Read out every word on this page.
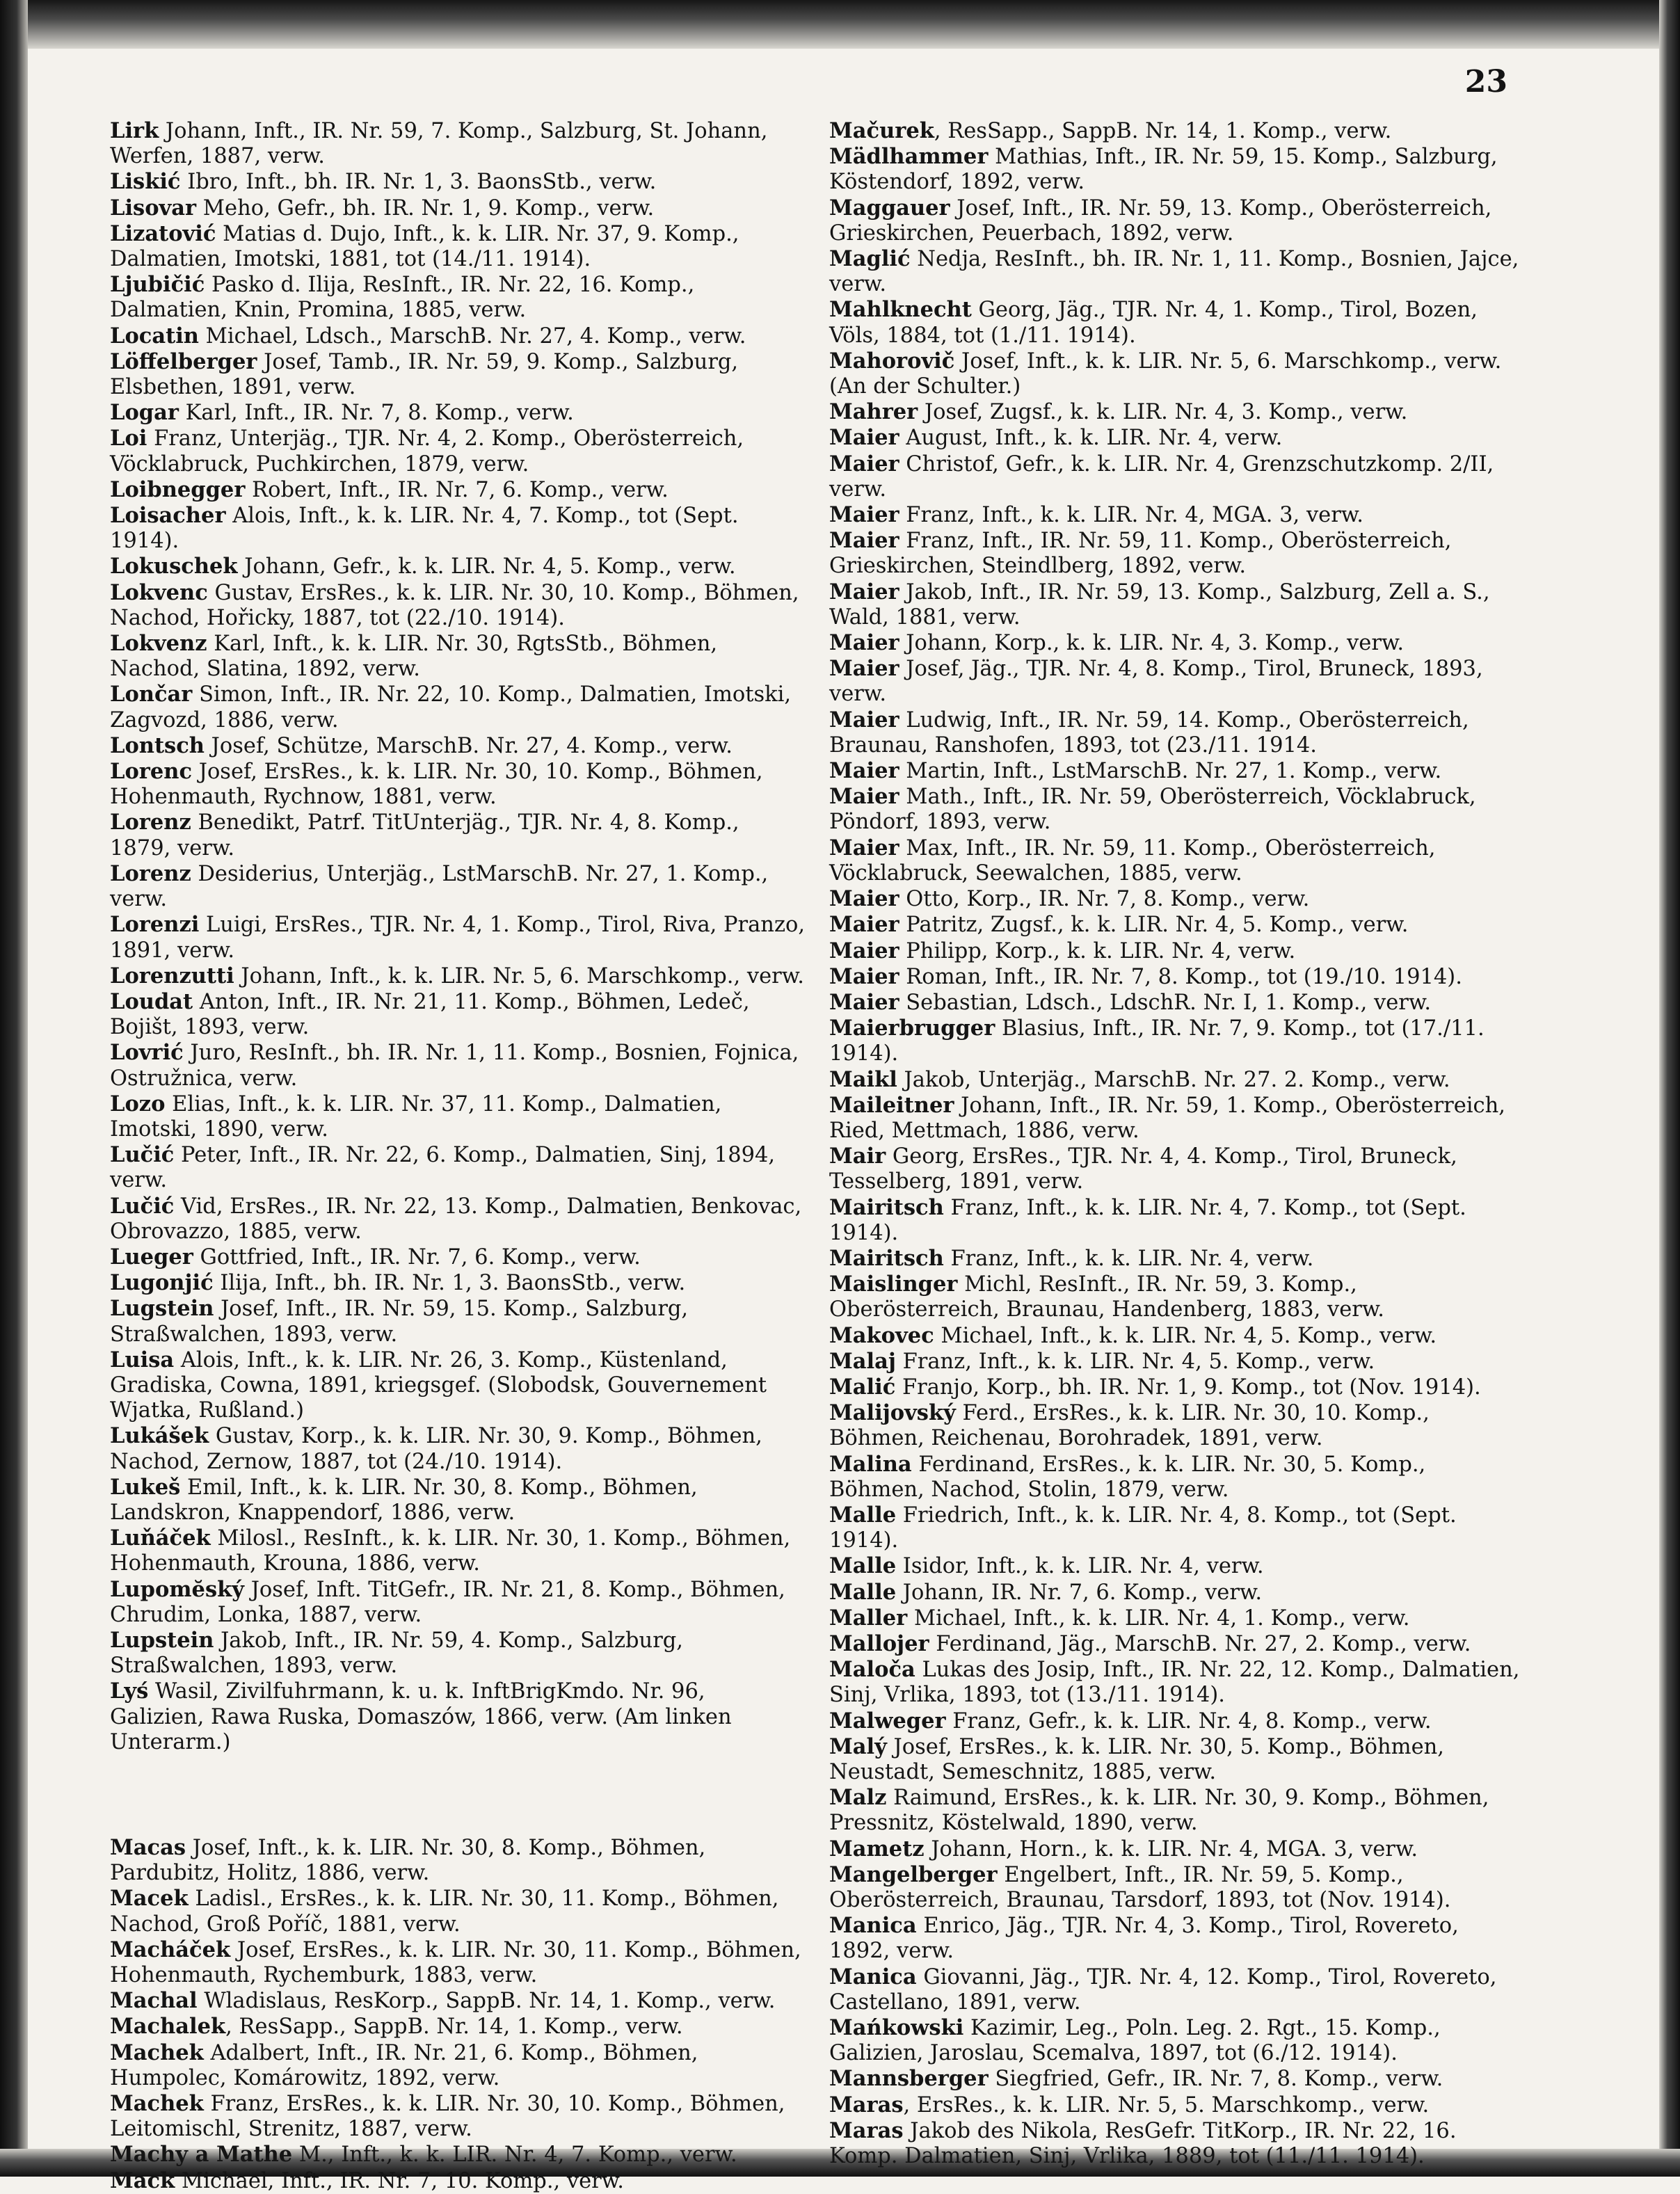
23

Lirk Johann, Inft., IR. Nr. 59, 7. Komp., Salzburg, St. Johann, Werfen, 1887, verw.

Liskić Ibro, Inft., bh. IR. Nr. 1, 3. BaonsStb., verw.

Lisovar Meho, Gefr., bh. IR. Nr. 1, 9. Komp., verw.

Lizatović Matias d. Dujo, Inft., k. k. LIR. Nr. 37, 9. Komp., Dalmatien, Imotski, 1881, tot (14./11. 1914).

Ljubičić Pasko d. Ilija, ResInft., IR. Nr. 22, 16. Komp., Dalmatien, Knin, Promina, 1885, verw.

Locatin Michael, Ldsch., MarschB. Nr. 27, 4. Komp., verw.

Löffelberger Josef, Tamb., IR. Nr. 59, 9. Komp., Salzburg, Elsbethen, 1891, verw.

Logar Karl, Inft., IR. Nr. 7, 8. Komp., verw.

Loi Franz, Unterjäg., TJR. Nr. 4, 2. Komp., Oberösterreich, Vöcklabruck, Puchkirchen, 1879, verw.

Loibnegger Robert, Inft., IR. Nr. 7, 6. Komp., verw.

Loisacher Alois, Inft., k. k. LIR. Nr. 4, 7. Komp., tot (Sept. 1914).

Lokuschek Johann, Gefr., k. k. LIR. Nr. 4, 5. Komp., verw.

Lokvenc Gustav, ErsRes., k. k. LIR. Nr. 30, 10. Komp., Böhmen, Nachod, Hořicky, 1887, tot (22./10. 1914).

Lokvenz Karl, Inft., k. k. LIR. Nr. 30, RgtsStb., Böhmen, Nachod, Slatina, 1892, verw.

Lončar Simon, Inft., IR. Nr. 22, 10. Komp., Dalmatien, Imotski, Zagvozd, 1886, verw.

Lontsch Josef, Schütze, MarschB. Nr. 27, 4. Komp., verw.

Lorenc Josef, ErsRes., k. k. LIR. Nr. 30, 10. Komp., Böhmen, Hohenmauth, Rychnow, 1881, verw.

Lorenz Benedikt, Patrf. TitUnterjäg., TJR. Nr. 4, 8. Komp., 1879, verw.

Lorenz Desiderius, Unterjäg., LstMarschB. Nr. 27, 1. Komp., verw.

Lorenzi Luigi, ErsRes., TJR. Nr. 4, 1. Komp., Tirol, Riva, Pranzo, 1891, verw.

Lorenzutti Johann, Inft., k. k. LIR. Nr. 5, 6. Marschkomp., verw.

Loudat Anton, Inft., IR. Nr. 21, 11. Komp., Böhmen, Ledeč, Bojišt, 1893, verw.

Lovrić Juro, ResInft., bh. IR. Nr. 1, 11. Komp., Bosnien, Fojnica, Ostružnica, verw.

Lozo Elias, Inft., k. k. LIR. Nr. 37, 11. Komp., Dalmatien, Imotski, 1890, verw.

Lučić Peter, Inft., IR. Nr. 22, 6. Komp., Dalmatien, Sinj, 1894, verw.

Lučić Vid, ErsRes., IR. Nr. 22, 13. Komp., Dalmatien, Benkovac, Obrovazzo, 1885, verw.

Lueger Gottfried, Inft., IR. Nr. 7, 6. Komp., verw.

Lugonjić Ilija, Inft., bh. IR. Nr. 1, 3. BaonsStb., verw.

Lugstein Josef, Inft., IR. Nr. 59, 15. Komp., Salzburg, Straßwalchen, 1893, verw.

Luisa Alois, Inft., k. k. LIR. Nr. 26, 3. Komp., Küstenland, Gradiska, Cowna, 1891, kriegsgef. (Slobodsk, Gouvernement Wjatka, Rußland.)

Lukášek Gustav, Korp., k. k. LIR. Nr. 30, 9. Komp., Böhmen, Nachod, Zernow, 1887, tot (24./10. 1914).

Lukeš Emil, Inft., k. k. LIR. Nr. 30, 8. Komp., Böhmen, Landskron, Knappendorf, 1886, verw.

Luňáček Milosl., ResInft., k. k. LIR. Nr. 30, 1. Komp., Böhmen, Hohenmauth, Krouna, 1886, verw.

Lupomĕský Josef, Inft. TitGefr., IR. Nr. 21, 8. Komp., Böhmen, Chrudim, Lonka, 1887, verw.

Lupstein Jakob, Inft., IR. Nr. 59, 4. Komp., Salzburg, Straßwalchen, 1893, verw.

Lyś Wasil, Zivilfuhrmann, k. u. k. InftBrigKmdo. Nr. 96, Galizien, Rawa Ruska, Domaszów, 1866, verw. (Am linken Unterarm.)

Macas Josef, Inft., k. k. LIR. Nr. 30, 8. Komp., Böhmen, Pardubitz, Holitz, 1886, verw.

Macek Ladisl., ErsRes., k. k. LIR. Nr. 30, 11. Komp., Böhmen, Nachod, Groß Poříč, 1881, verw.

Macháček Josef, ErsRes., k. k. LIR. Nr. 30, 11. Komp., Böhmen, Hohenmauth, Rychemburk, 1883, verw.

Machal Wladislaus, ResKorp., SappB. Nr. 14, 1. Komp., verw.

Machalek, ResSapp., SappB. Nr. 14, 1. Komp., verw.

Machek Adalbert, Inft., IR. Nr. 21, 6. Komp., Böhmen, Humpolec, Komárowitz, 1892, verw.

Machek Franz, ErsRes., k. k. LIR. Nr. 30, 10. Komp., Böhmen, Leitomischl, Strenitz, 1887, verw.

Machy a Mathe M., Inft., k. k. LIR. Nr. 4, 7. Komp., verw.

Mack Michael, Inft., IR. Nr. 7, 10. Komp., verw.

Mačurek, ResSapp., SappB. Nr. 14, 1. Komp., verw.

Mädlhammer Mathias, Inft., IR. Nr. 59, 15. Komp., Salzburg, Köstendorf, 1892, verw.

Maggauer Josef, Inft., IR. Nr. 59, 13. Komp., Oberösterreich, Grieskirchen, Peuerbach, 1892, verw.

Maglić Nedja, ResInft., bh. IR. Nr. 1, 11. Komp., Bosnien, Jajce, verw.

Mahlknecht Georg, Jäg., TJR. Nr. 4, 1. Komp., Tirol, Bozen, Völs, 1884, tot (1./11. 1914).

Mahorovič Josef, Inft., k. k. LIR. Nr. 5, 6. Marschkomp., verw. (An der Schulter.)

Mahrer Josef, Zugsf., k. k. LIR. Nr. 4, 3. Komp., verw.

Maier August, Inft., k. k. LIR. Nr. 4, verw.

Maier Christof, Gefr., k. k. LIR. Nr. 4, Grenzschutzkomp. 2/II, verw.

Maier Franz, Inft., k. k. LIR. Nr. 4, MGA. 3, verw.

Maier Franz, Inft., IR. Nr. 59, 11. Komp., Oberösterreich, Grieskirchen, Steindlberg, 1892, verw.

Maier Jakob, Inft., IR. Nr. 59, 13. Komp., Salzburg, Zell a. S., Wald, 1881, verw.

Maier Johann, Korp., k. k. LIR. Nr. 4, 3. Komp., verw.

Maier Josef, Jäg., TJR. Nr. 4, 8. Komp., Tirol, Bruneck, 1893, verw.

Maier Ludwig, Inft., IR. Nr. 59, 14. Komp., Oberösterreich, Braunau, Ranshofen, 1893, tot (23./11. 1914.

Maier Martin, Inft., LstMarschB. Nr. 27, 1. Komp., verw.

Maier Math., Inft., IR. Nr. 59, Oberösterreich, Vöcklabruck, Pöndorf, 1893, verw.

Maier Max, Inft., IR. Nr. 59, 11. Komp., Oberösterreich, Vöcklabruck, Seewalchen, 1885, verw.

Maier Otto, Korp., IR. Nr. 7, 8. Komp., verw.

Maier Patritz, Zugsf., k. k. LIR. Nr. 4, 5. Komp., verw.

Maier Philipp, Korp., k. k. LIR. Nr. 4, verw.

Maier Roman, Inft., IR. Nr. 7, 8. Komp., tot (19./10. 1914).

Maier Sebastian, Ldsch., LdschR. Nr. I, 1. Komp., verw.

Maierbrugger Blasius, Inft., IR. Nr. 7, 9. Komp., tot (17./11. 1914).

Maikl Jakob, Unterjäg., MarschB. Nr. 27. 2. Komp., verw.

Maileitner Johann, Inft., IR. Nr. 59, 1. Komp., Oberösterreich, Ried, Mettmach, 1886, verw.

Mair Georg, ErsRes., TJR. Nr. 4, 4. Komp., Tirol, Bruneck, Tesselberg, 1891, verw.

Mairitsch Franz, Inft., k. k. LIR. Nr. 4, 7. Komp., tot (Sept. 1914).

Mairitsch Franz, Inft., k. k. LIR. Nr. 4, verw.

Maislinger Michl, ResInft., IR. Nr. 59, 3. Komp., Oberösterreich, Braunau, Handenberg, 1883, verw.

Makovec Michael, Inft., k. k. LIR. Nr. 4, 5. Komp., verw.

Malaj Franz, Inft., k. k. LIR. Nr. 4, 5. Komp., verw.

Malić Franjo, Korp., bh. IR. Nr. 1, 9. Komp., tot (Nov. 1914).

Malijovský Ferd., ErsRes., k. k. LIR. Nr. 30, 10. Komp., Böhmen, Reichenau, Borohradek, 1891, verw.

Malina Ferdinand, ErsRes., k. k. LIR. Nr. 30, 5. Komp., Böhmen, Nachod, Stolin, 1879, verw.

Malle Friedrich, Inft., k. k. LIR. Nr. 4, 8. Komp., tot (Sept. 1914).

Malle Isidor, Inft., k. k. LIR. Nr. 4, verw.

Malle Johann, IR. Nr. 7, 6. Komp., verw.

Maller Michael, Inft., k. k. LIR. Nr. 4, 1. Komp., verw.

Mallojer Ferdinand, Jäg., MarschB. Nr. 27, 2. Komp., verw.

Maloča Lukas des Josip, Inft., IR. Nr. 22, 12. Komp., Dalmatien, Sinj, Vrlika, 1893, tot (13./11. 1914).

Malweger Franz, Gefr., k. k. LIR. Nr. 4, 8. Komp., verw.

Malý Josef, ErsRes., k. k. LIR. Nr. 30, 5. Komp., Böhmen, Neustadt, Semeschnitz, 1885, verw.

Malz Raimund, ErsRes., k. k. LIR. Nr. 30, 9. Komp., Böhmen, Pressnitz, Köstelwald, 1890, verw.

Mametz Johann, Horn., k. k. LIR. Nr. 4, MGA. 3, verw.

Mangelberger Engelbert, Inft., IR. Nr. 59, 5. Komp., Oberösterreich, Braunau, Tarsdorf, 1893, tot (Nov. 1914).

Manica Enrico, Jäg., TJR. Nr. 4, 3. Komp., Tirol, Rovereto, 1892, verw.

Manica Giovanni, Jäg., TJR. Nr. 4, 12. Komp., Tirol, Rovereto, Castellano, 1891, verw.

Mańkowski Kazimir, Leg., Poln. Leg. 2. Rgt., 15. Komp., Galizien, Jaroslau, Scemalva, 1897, tot (6./12. 1914).

Mannsberger Siegfried, Gefr., IR. Nr. 7, 8. Komp., verw.

Maras, ErsRes., k. k. LIR. Nr. 5, 5. Marschkomp., verw.

Maras Jakob des Nikola, ResGefr. TitKorp., IR. Nr. 22, 16. Komp. Dalmatien, Sinj, Vrlika, 1889, tot (11./11. 1914).
